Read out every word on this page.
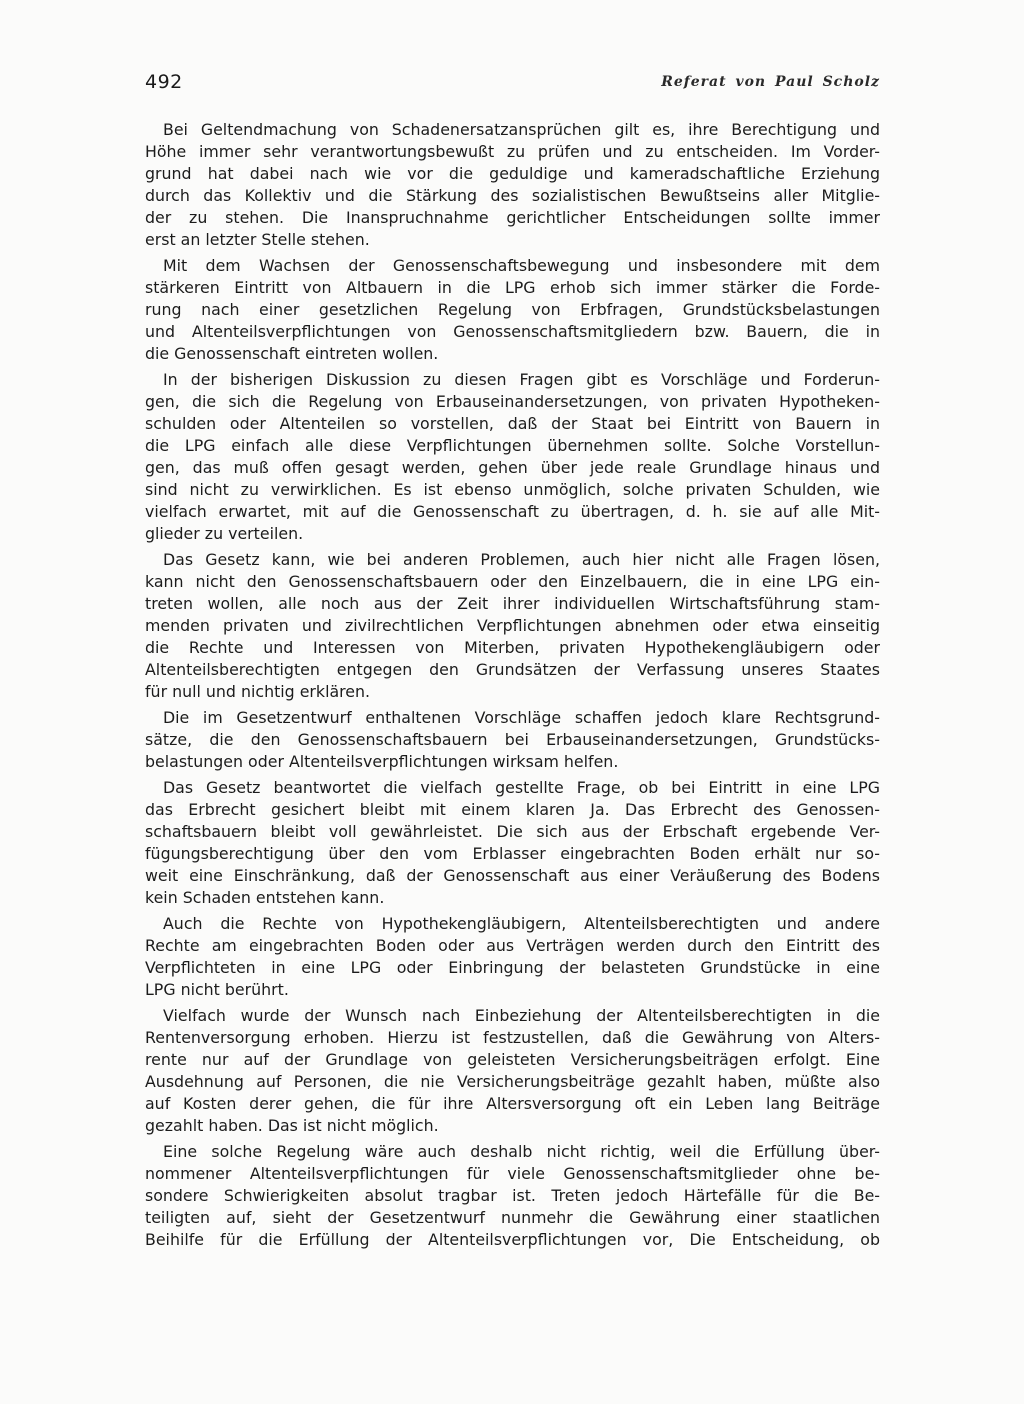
492	Referat von Paul Scholz
Bei Geltendmachung von Schadenersatzansprüchen gilt es, ihre Berechtigung und
Höhe immer sehr verantwortungsbewußt zu prüfen und zu entscheiden. Im Vorder-
grund hat dabei nach wie vor die geduldige und kameradschaftliche Erziehung
durch das Kollektiv und die Stärkung des sozialistischen Bewußtseins aller Mitglie-
der zu stehen. Die Inanspruchnahme gerichtlicher Entscheidungen sollte immer
erst an letzter Stelle stehen.
Mit dem Wachsen der Genossenschaftsbewegung und insbesondere mit dem
stärkeren Eintritt von Altbauern in die LPG erhob sich immer stärker die Forde-
rung nach einer gesetzlichen Regelung von Erbfragen, Grundstücksbelastungen
und Altenteilsverpflichtungen von Genossenschaftsmitgliedern bzw. Bauern, die in
die Genossenschaft eintreten wollen.
In der bisherigen Diskussion zu diesen Fragen gibt es Vorschläge und Forderun-
gen, die sich die Regelung von Erbauseinandersetzungen, von privaten Hypotheken-
schulden oder Altenteilen so vorstellen, daß der Staat bei Eintritt von Bauern in
die LPG einfach alle diese Verpflichtungen übernehmen sollte. Solche Vorstellun-
gen, das muß offen gesagt werden, gehen über jede reale Grundlage hinaus und
sind nicht zu verwirklichen. Es ist ebenso unmöglich, solche privaten Schulden, wie
vielfach erwartet, mit auf die Genossenschaft zu übertragen, d. h. sie auf alle Mit-
glieder zu verteilen.
Das Gesetz kann, wie bei anderen Problemen, auch hier nicht alle Fragen lösen,
kann nicht den Genossenschaftsbauern oder den Einzelbauern, die in eine LPG ein-
treten wollen, alle noch aus der Zeit ihrer individuellen Wirtschaftsführung stam-
menden privaten und zivilrechtlichen Verpflichtungen abnehmen oder etwa einseitig
die Rechte und Interessen von Miterben, privaten Hypothekengläubigern oder
Altenteilsberechtigten entgegen den Grundsätzen der Verfassung unseres Staates
für null und nichtig erklären.
Die im Gesetzentwurf enthaltenen Vorschläge schaffen jedoch klare Rechtsgrund-
sätze, die den Genossenschaftsbauern bei Erbauseinandersetzungen, Grundstücks-
belastungen oder Altenteilsverpflichtungen wirksam helfen.
Das Gesetz beantwortet die vielfach gestellte Frage, ob bei Eintritt in eine LPG
das Erbrecht gesichert bleibt mit einem klaren Ja. Das Erbrecht des Genossen-
schaftsbauern bleibt voll gewährleistet. Die sich aus der Erbschaft ergebende Ver-
fügungsberechtigung über den vom Erblasser eingebrachten Boden erhält nur so-
weit eine Einschränkung, daß der Genossenschaft aus einer Veräußerung des Bodens
kein Schaden entstehen kann.
Auch die Rechte von Hypothekengläubigern, Altenteilsberechtigten und andere
Rechte am eingebrachten Boden oder aus Verträgen werden durch den Eintritt des
Verpflichteten in eine LPG oder Einbringung der belasteten Grundstücke in eine
LPG nicht berührt.
Vielfach wurde der Wunsch nach Einbeziehung der Altenteilsberechtigten in die
Rentenversorgung erhoben. Hierzu ist festzustellen, daß die Gewährung von Alters-
rente nur auf der Grundlage von geleisteten Versicherungsbeiträgen erfolgt. Eine
Ausdehnung auf Personen, die nie Versicherungsbeiträge gezahlt haben, müßte also
auf Kosten derer gehen, die für ihre Altersversorgung oft ein Leben lang Beiträge
gezahlt haben. Das ist nicht möglich.
Eine solche Regelung wäre auch deshalb nicht richtig, weil die Erfüllung über-
nommener Altenteilsverpflichtungen für viele Genossenschaftsmitglieder ohne be-
sondere Schwierigkeiten absolut tragbar ist. Treten jedoch Härtefälle für die Be-
teiligten auf, sieht der Gesetzentwurf nunmehr die Gewährung einer staatlichen
Beihilfe für die Erfüllung der Altenteilsverpflichtungen vor, Die Entscheidung, ob
